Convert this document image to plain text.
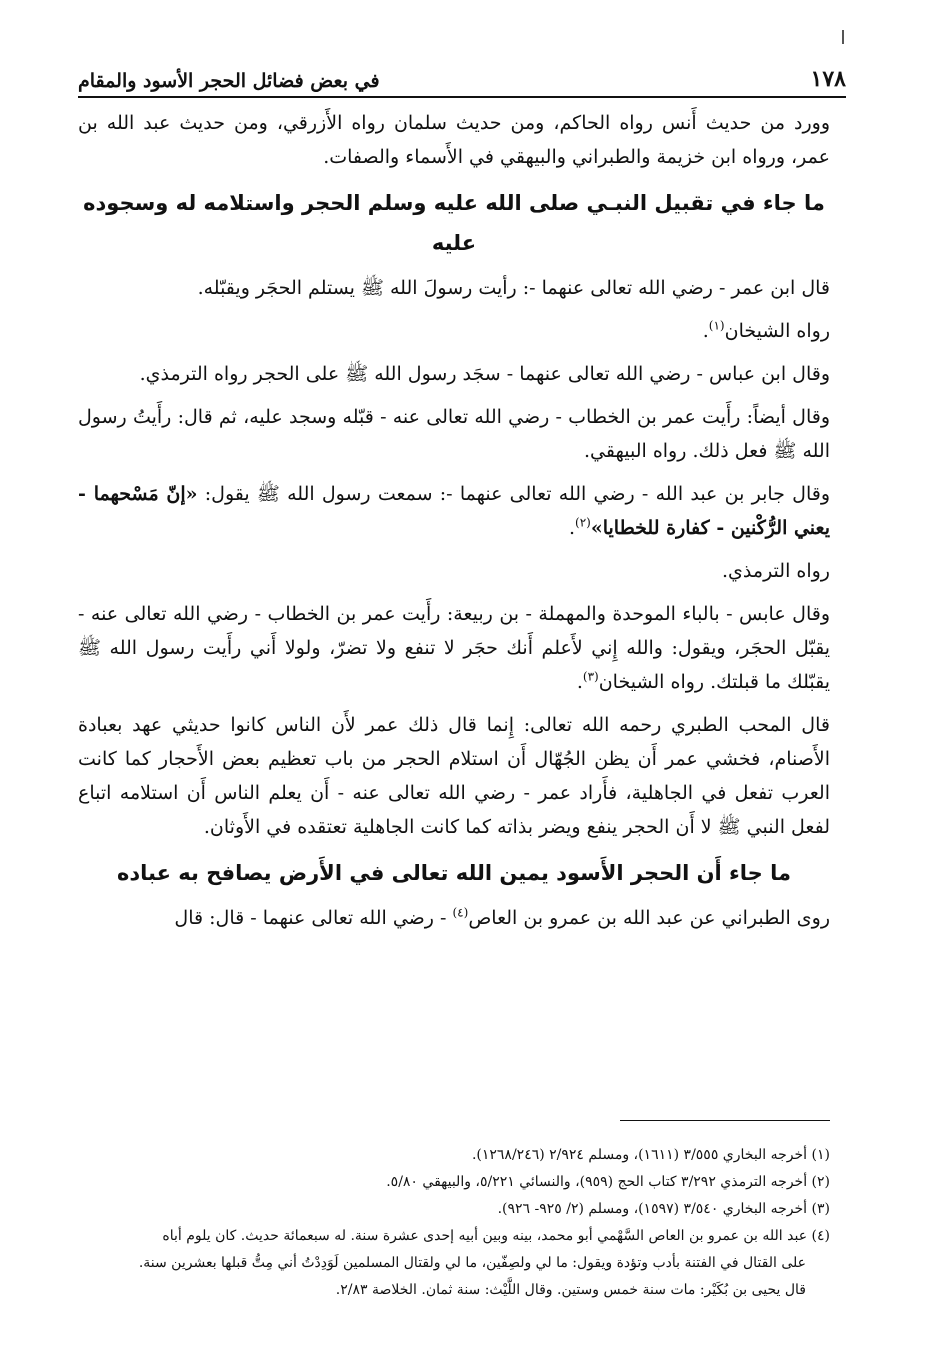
١٧٨
في بعض فضائل الحجر الأسود والمقام

وورد من حديث أَنس رواه الحاكم، ومن حديث سلمان رواه الأَزرقي، ومن حديث عبد الله بن عمر، ورواه ابن خزيمة والطبراني والبيهقي في الأَسماء والصفات.

ما جاء في تقبيل النبـي صلى الله عليه وسلم الحجر واستلامه له وسجوده عليه

قال ابن عمر - رضي الله تعالى عنهما -: رأيت رسولَ الله ﷺ يستلم الحجَر ويقبّله.

رواه الشيخان$^{(١)}$.

وقال ابن عباس - رضي الله تعالى عنهما - سجَد رسول الله ﷺ على الحجر رواه الترمذي.

وقال أيضاً: رأَيت عمر بن الخطاب - رضي الله تعالى عنه - قبّله وسجد عليه، ثم قال: رأَيتُ رسول الله ﷺ فعل ذلك. رواه البيهقي.

وقال جابر بن عبد الله - رضي الله تعالى عنهما -: سمعت رسول الله ﷺ يقول: «إنّ مَسْحهما - يعني الرُّكْنين - كفارة للخطايا»$^{(٢)}$.

رواه الترمذي.

وقال عابس - بالباء الموحدة والمهملة - بن ربيعة: رأَيت عمر بن الخطاب - رضي الله تعالى عنه - يقبّل الحجَر، ويقول: والله إِني لأَعلم أَنك حجَر لا تنفع ولا تضرّ، ولولا أَني رأَيت رسول الله ﷺ يقبّلك ما قبلتك. رواه الشيخان$^{(٣)}$.

قال المحب الطبري رحمه الله تعالى: إِنما قال ذلك عمر لأَن الناس كانوا حديثي عهد بعبادة الأَصنام، فخشي عمر أَن يظن الجُهّال أَن استلام الحجر من باب تعظيم بعض الأَحجار كما كانت العرب تفعل في الجاهلية، فأَراد عمر - رضي الله تعالى عنه - أَن يعلم الناس أَن استلامه اتباع لفعل النبي ﷺ لا أَن الحجر ينفع ويضر بذاته كما كانت الجاهلية تعتقده في الأَوثان.

ما جاء أَن الحجر الأَسود يمين الله تعالى في الأَرض يصافح به عباده

روى الطبراني عن عبد الله بن عمرو بن العاص$^{(٤)}$ - رضي الله تعالى عنهما - قال: قال

(١) أخرجه البخاري ٣/٥٥٥ (١٦١١)، ومسلم ٢/٩٢٤ (١٢٦٨/٢٤٦).

(٢) أخرجه الترمذي ٣/٢٩٢ كتاب الحج (٩٥٩)، والنسائي ٥/٢٢١، والبيهقي ٥/٨٠.

(٣) أخرجه البخاري ٣/٥٤٠ (١٥٩٧)، ومسلم (٢/ ٩٢٥- ٩٢٦).

(٤) عبد الله بن عمرو بن العاص السَّهْمي أبو محمد، بينه وبين أبيه إحدى عشرة سنة. له سبعمائة حديث. كان يلوم أباه

على القتال في الفتنة بأدب وتؤدة ويقول: ما لي ولصِفّين، ما لي ولقتال المسلمين لَوَدِدْتُ أني مِتُّ قبلها بعشرين سنة.

قال يحيى بن بُكَيْر: مات سنة خمس وستين. وقال اللَّيْث: سنة ثمان. الخلاصة ٢/٨٣.
